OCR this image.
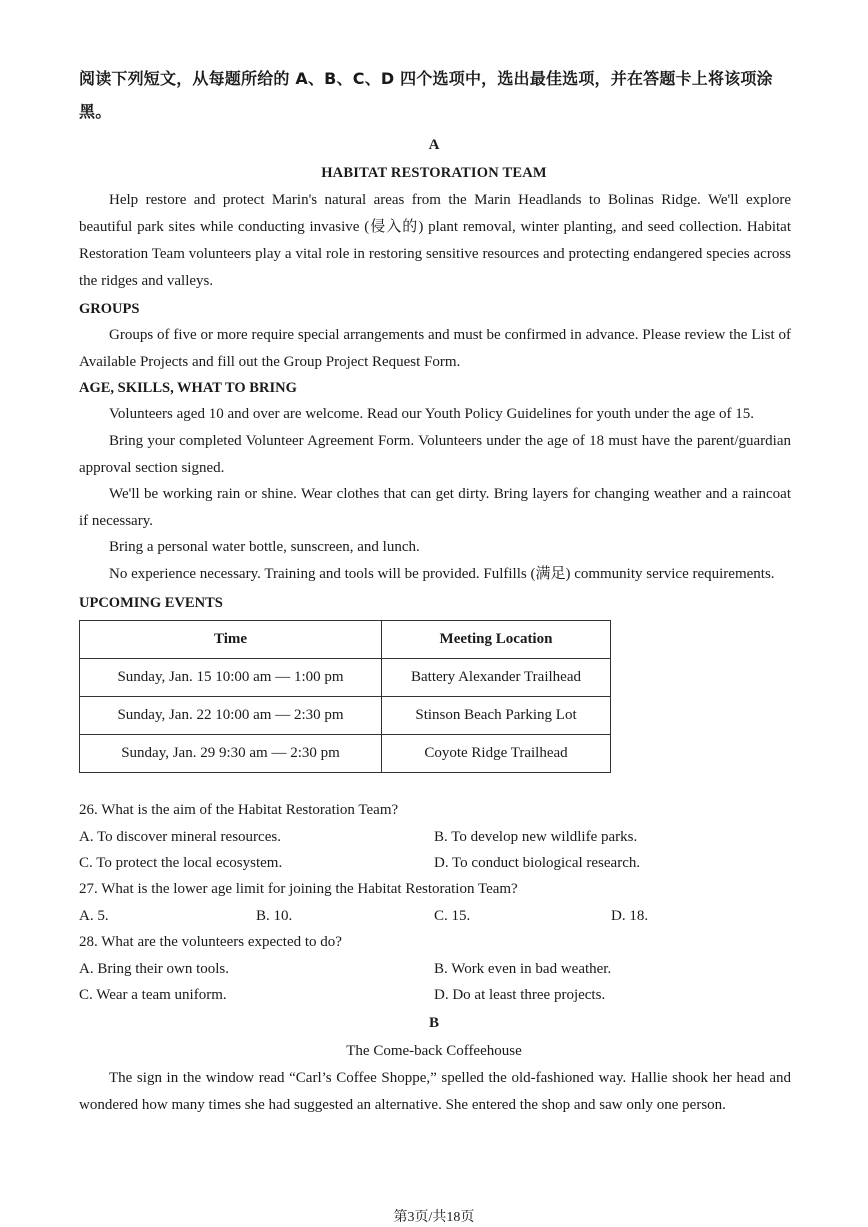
阅读下列短文，从每题所给的 A、B、C、D 四个选项中，选出最佳选项，并在答题卡上将该项涂黑。
A
HABITAT RESTORATION TEAM

Help restore and protect Marin's natural areas from the Marin Headlands to Bolinas Ridge. We'll explore beautiful park sites while conducting invasive (侵入的) plant removal, winter planting, and seed collection. Habitat Restoration Team volunteers play a vital role in restoring sensitive resources and protecting endangered species across the ridges and valleys.

GROUPS

Groups of five or more require special arrangements and must be confirmed in advance. Please review the List of Available Projects and fill out the Group Project Request Form.

AGE, SKILLS, WHAT TO BRING

Volunteers aged 10 and over are welcome. Read our Youth Policy Guidelines for youth under the age of 15.

Bring your completed Volunteer Agreement Form. Volunteers under the age of 18 must have the parent/guardian approval section signed.

We'll be working rain or shine. Wear clothes that can get dirty. Bring layers for changing weather and a raincoat if necessary.

Bring a personal water bottle, sunscreen, and lunch.

No experience necessary. Training and tools will be provided. Fulfills (满足) community service requirements.

UPCOMING EVENTS
Time	Meeting Location
Sunday, Jan. 15 10:00 am — 1:00 pm	Battery Alexander Trailhead
Sunday, Jan. 22 10:00 am — 2:30 pm	Stinson Beach Parking Lot
Sunday, Jan. 29 9:30 am — 2:30 pm	Coyote Ridge Trailhead
26. What is the aim of the Habitat Restoration Team?
A. To discover mineral resources.	B. To develop new wildlife parks.
C. To protect the local ecosystem.	D. To conduct biological research.
27. What is the lower age limit for joining the Habitat Restoration Team?
A. 5.	B. 10.	C. 15.	D. 18.
28. What are the volunteers expected to do?
A. Bring their own tools.	B. Work even in bad weather.
C. Wear a team uniform.	D. Do at least three projects.
B
The Come-back Coffeehouse

The sign in the window read “Carl’s Coffee Shoppe,” spelled the old-fashioned way. Hallie shook her head and wondered how many times she had suggested an alternative. She entered the shop and saw only one person.

第3页/共18页
